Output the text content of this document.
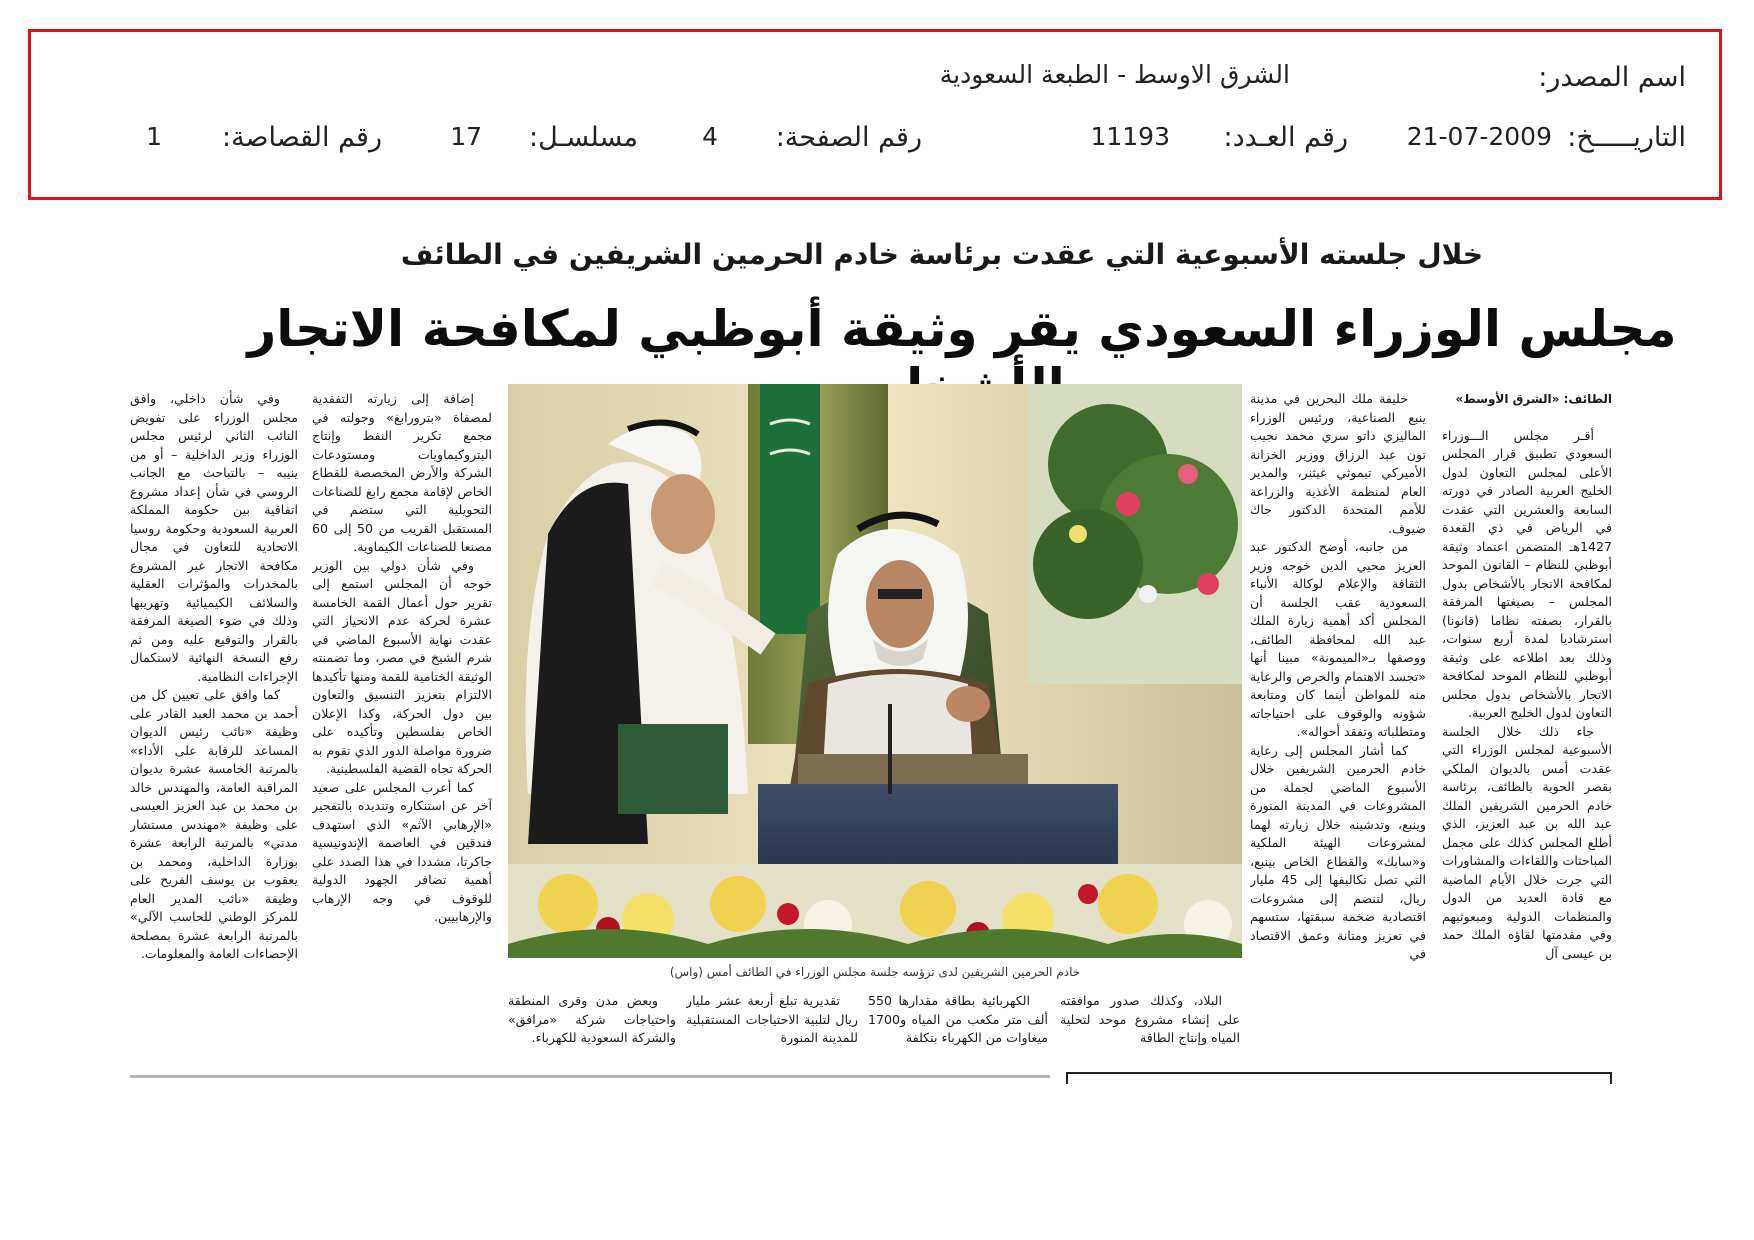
اسم المصدر:
الشرق الاوسط - الطبعة السعودية
التاريـــــخ:
21-07-2009
رقم العـدد:
11193
رقم الصفحة:
4
مسلسـل:
17
رقم القصاصة:
1
خلال جلسته الأسبوعية التي عقدت برئاسة خادم الحرمين الشريفين في الطائف
مجلس الوزراء السعودي يقر وثيقة أبوظبي لمكافحة الاتجار

الطائف: «الشرق الأوسط»

أقـر مجلس الـــوزراء السعودي تطبيق قرار المجلس الأعلى لمجلس التعاون لدول الخليج العربية الصادر في دورته السابعة والعشرين التي عقدت في الرياض في ذي القعدة 1427هـ المتضمن اعتماد وثيقة أبوظبي للنظام – القانون الموحد لمكافحة الاتجار بالأشخاص بدول المجلس – بصيغتها المرفقة بالقرار، بصفته نظاما (قانونا) استرشاديا لمدة أربع سنوات، وذلك بعد اطلاعه على وثيقة أبوظبي للنظام الموحد لمكافحة الاتجار بالأشخاص بدول مجلس التعاون لدول الخليج العربية.

جاء ذلك خلال الجلسة الأسبوعية لمجلس الوزراء التي عقدت أمس بالديوان الملكي بقصر الحوية بالطائف، برئاسة خادم الحرمين الشريفين الملك عبد الله بن عبد العزيز، الذي أطلع المجلس كذلك على مجمل المباحثات واللقاءات والمشاورات التي جرت خلال الأيام الماضية مع قادة العديد من الدول والمنظمات الدولية ومبعوثيهم وفي مقدمتها لقاؤه الملك حمد بن عيسى آل

خليفة ملك البحرين في مدينة ينبع الصناعية، ورئيس الوزراء الماليزي داتو سري محمد نجيب تون عبد الرزاق ووزير الخزانة الأميركي تيموثي غيثنر، والمدير العام لمنظمة الأغذية والزراعة للأمم المتحدة الدكتور جاك ضيوف.

من جانبه، أوضح الدكتور عبد العزيز محيي الدين خوجه وزير الثقافة والإعلام لوكالة الأنباء السعودية عقب الجلسة أن المجلس أكد أهمية زيارة الملك عبد الله لمحافظة الطائف، ووصفها بـ«الميمونة» مبينا أنها «تجسد الاهتمام والحرص والرعاية منه للمواطن أينما كان ومتابعة شؤونه والوقوف على احتياجاته ومتطلباته وتفقد أحواله».

كما أشار المجلس إلى رعاية خادم الحرمين الشريفين خلال الأسبوع الماضي لجملة من المشروعات في المدينة المنورة وينبع، وتدشينه خلال زيارته لهما لمشروعات الهيئة الملكية و«سابك» والقطاع الخاص بينبع، التي تصل تكاليفها إلى 45 مليار ريال، لتنضم إلى مشروعات اقتصادية ضخمة سبقتها، ستسهم في تعزيز ومتانة وعمق الاقتصاد في

خادم الحرمين الشريفين لدى ترؤسه جلسة مجلس الوزراء في الطائف أمس (واس)

إضافة إلى زيارته التفقدية لمصفاة «بترورابغ» وجولته في مجمع تكرير النفط وإنتاج البتروكيماويات ومستودعات الشركة والأرض المخصصة للقطاع الخاص لإقامة مجمع رابغ للصناعات التحويلية التي ستضم في المستقبل القريب من 50 إلى 60 مصنعا للصناعات الكيماوية.

وفي شأن دولي بين الوزير خوجه أن المجلس استمع إلى تقرير حول أعمال القمة الخامسة عشرة لحركة عدم الانحياز التي عقدت نهاية الأسبوع الماضي في شرم الشيخ في مصر، وما تضمنته الوثيقة الختامية للقمة ومنها تأكيدها الالتزام بتعزيز التنسيق والتعاون بين دول الحركة، وكذا الإعلان الخاص بفلسطين وتأكيده على ضرورة مواصلة الدور الذي تقوم به الحركة تجاه القضية الفلسطينية.

كما أعرب المجلس على صعيد آخر عن استنكاره وتنديده بالتفجير «الإرهابي الآثم» الذي استهدف فندقين في العاصمة الإندونيسية جاكرتا، مشددا في هذا الصدد على أهمية تضافر الجهود الدولية للوقوف في وجه الإرهاب والإرهابيين.

وفي شأن داخلي، وافق مجلس الوزراء على تفويض النائب الثاني لرئيس مجلس الوزراء وزير الداخلية – أو من ينيبه – بالتباحث مع الجانب الروسي في شأن إعداد مشروع اتفاقية بين حكومة المملكة العربية السعودية وحكومة روسيا الاتحادية للتعاون في مجال مكافحة الاتجار غير المشروع بالمخدرات والمؤثرات العقلية والسلائف الكيميائية وتهريبها وذلك في ضوء الصيغة المرفقة بالقرار والتوقيع عليه ومن ثم رفع النسخة النهائية لاستكمال الإجراءات النظامية.

كما وافق على تعيين كل من أحمد بن محمد العبد القادر على وظيفة «نائب رئيس الديوان المساعد للرقابة على الأداء» بالمرتبة الخامسة عشرة بديوان المراقبة العامة، والمهندس خالد بن محمد بن عبد العزيز العيسى على وظيفة «مهندس مستشار مدني» بالمرتبة الرابعة عشرة بوزارة الداخلية، ومحمد بن يعقوب بن يوسف الفريح على وظيفة «نائب المدير العام للمركز الوطني للحاسب الآلي» بالمرتبة الرابعة عشرة بمصلحة الإحصاءات العامة والمعلومات.

البلاد، وكذلك صدور موافقته على إنشاء مشروع موحد لتحلية المياه وإنتاج الطاقة

الكهربائية بطاقة مقدارها 550 ألف متر مكعب من المياه و1700 ميغاوات من الكهرباء بتكلفة

تقديرية تبلغ أربعة عشر مليار ريال لتلبية الاحتياجات المستقبلية للمدينة المنورة

وبعض مدن وقرى المنطقة واحتياجات شركة «مرافق» والشركة السعودية للكهرباء.
